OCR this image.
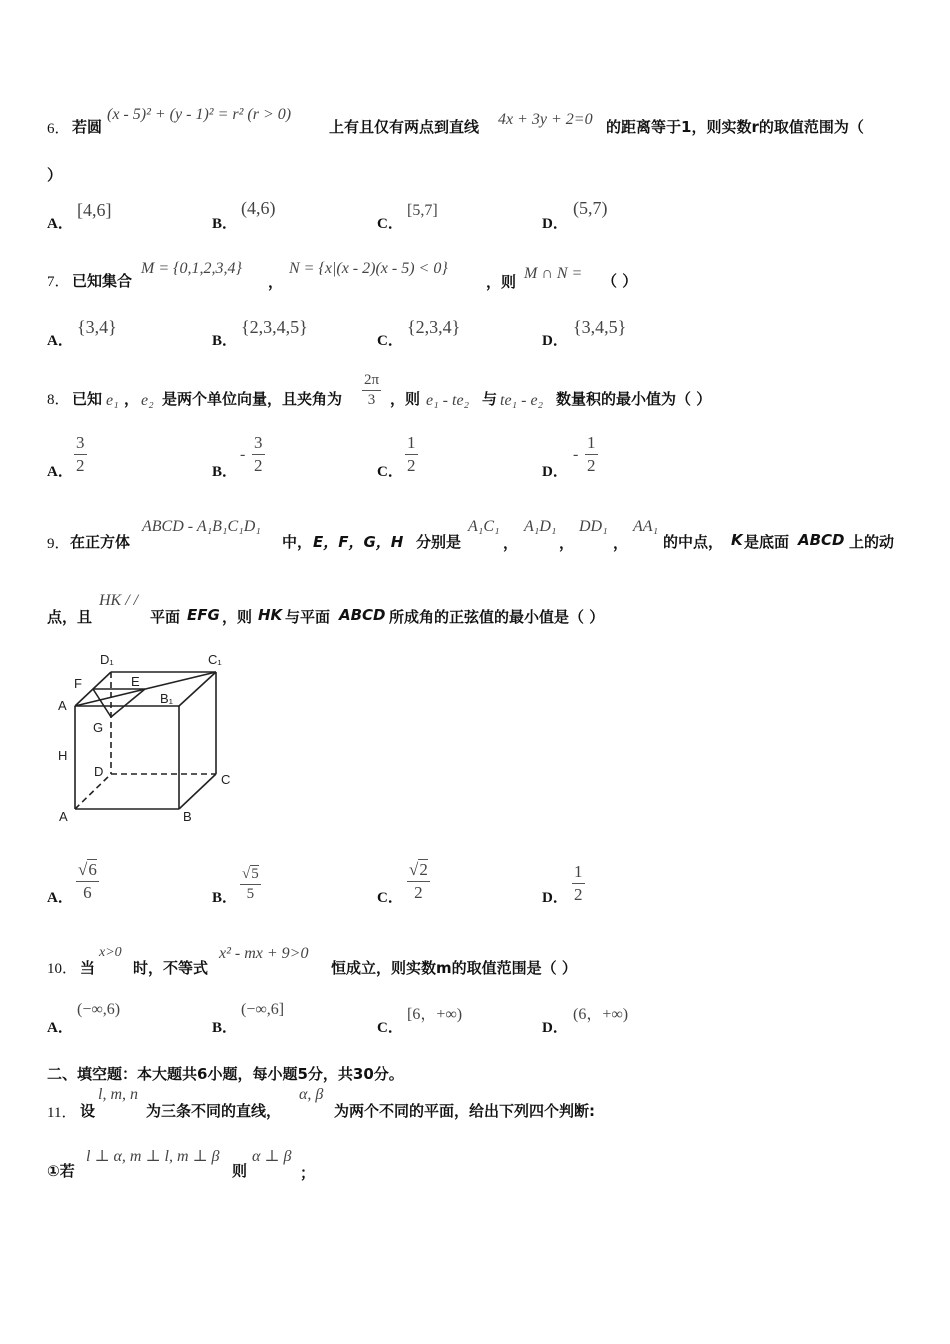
6． 若圆
(x - 5)² + (y - 1)² = r² (r > 0)
上有且仅有两点到直线 4x + 3y + 2=0 的距离等于1，则实数r的取值范围为（
）
A．
[4,6]
B．
(4,6)
C．
[5,7]
D．
(5,7)
7． 已知集合
M = {0,1,2,3,4}
，
N = {x|(x - 2)(x - 5) < 0}
，则 M ∩ N = （ ）
A．
{3,4}
B．
{2,3,4,5}
C．
{2,3,4}
D．
{3,4,5}
8． 已知 e₁ ， e₂ 是两个单位向量，且夹角为
2π
3 ，则 e₁ - te₂ 与 te₁ - e₂ 数量积的最小值为（ ）
A．
3
2	B．
-
3
2	C．
1
2	D．
-
1
2
9． 在正方体
ABCD - A₁B₁C₁D₁
中， E，F，G，H 分别是
A₁C₁
，
A₁D₁
，
DD₁
，
AA₁
的中点， K 是底面 ABCD 上的动
点，且
HK / /
平面 EFG ，则 HK 与平面 ABCD 所成角的正弦值的最小值是（ ）
D₁	C₁
F	E
A	B₁
G
H
D
C
A	B
A．
√6
6	B．
√5
5	C．
√2
2	D．
1
2
10． 当
x>0
时，不等式
x² - mx + 9>0
恒成立，则实数m的取值范围是（ ）
A．
(−∞,6)
B．
(−∞,6]
C．
[6，+∞)
D．
(6，+∞)
二、填空题：本大题共6小题，每小题5分，共30分。
11． 设
l, m, n
为三条不同的直线，
α, β
为两个不同的平面，给出下列四个判断:
①若
l ⊥ α, m ⊥ l, m ⊥ β
则
α ⊥ β
；
